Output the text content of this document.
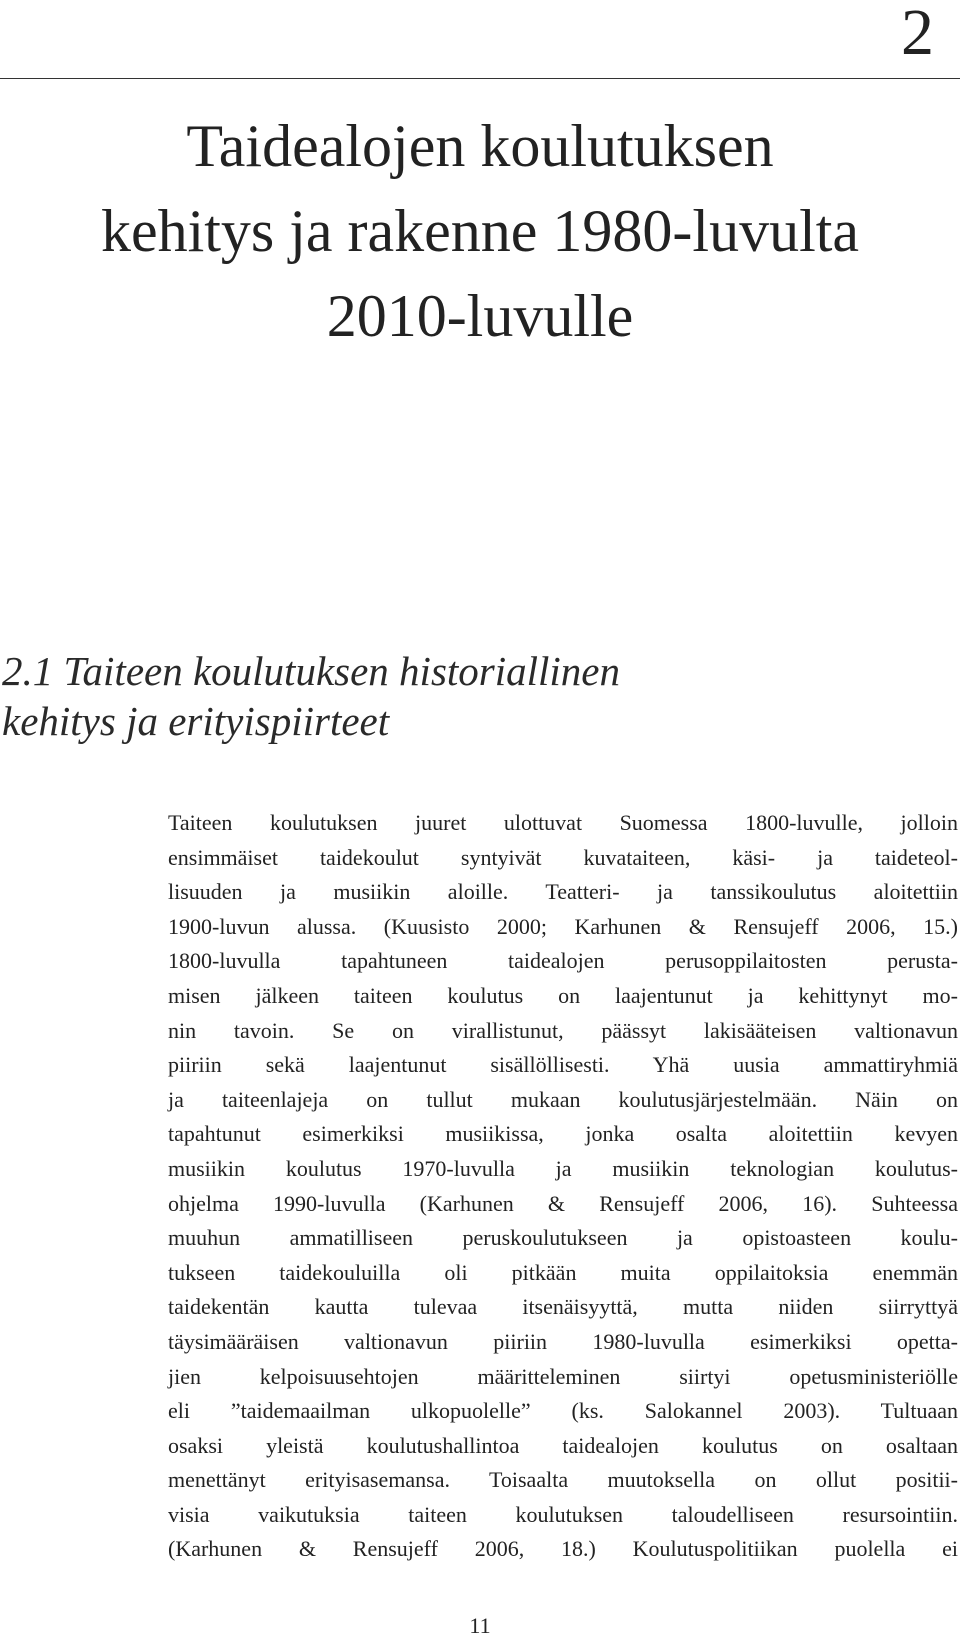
2
Taidealojen koulutuksen
kehitys ja rakenne 1980-luvulta
2010-luvulle
2.1 Taiteen koulutuksen historiallinen
kehitys ja erityispiirteet
Taiteen koulutuksen juuret ulottuvat Suomessa 1800-luvulle, jolloin
ensimmäiset taidekoulut syntyivät kuvataiteen, käsi- ja taideteol-
lisuuden ja musiikin aloille. Teatteri- ja tanssikoulutus aloitettiin
1900-luvun alussa. (Kuusisto 2000; Karhunen & Rensujeff 2006, 15.)
1800-luvulla tapahtuneen taidealojen perusoppilaitosten perusta-
misen jälkeen taiteen koulutus on laajentunut ja kehittynyt mo-
nin tavoin. Se on virallistunut, päässyt lakisääteisen valtionavun
piiriin sekä laajentunut sisällöllisesti. Yhä uusia ammattiryhmiä
ja taiteenlajeja on tullut mukaan koulutusjärjestelmään. Näin on
tapahtunut esimerkiksi musiikissa, jonka osalta aloitettiin kevyen
musiikin koulutus 1970-luvulla ja musiikin teknologian koulutus-
ohjelma 1990-luvulla (Karhunen & Rensujeff 2006, 16). Suhteessa
muuhun ammatilliseen peruskoulutukseen ja opistoasteen koulu-
tukseen taidekouluilla oli pitkään muita oppilaitoksia enemmän
taidekentän kautta tulevaa itsenäisyyttä, mutta niiden siirryttyä
täysimääräisen valtionavun piiriin 1980-luvulla esimerkiksi opetta-
jien kelpoisuusehtojen määritteleminen siirtyi opetusministeriölle
eli ”taidemaailman ulkopuolelle” (ks. Salokannel 2003). Tultuaan
osaksi yleistä koulutushallintoa taidealojen koulutus on osaltaan
menettänyt erityisasemansa. Toisaalta muutoksella on ollut positii-
visia vaikutuksia taiteen koulutuksen taloudelliseen resursointiin.
(Karhunen & Rensujeff 2006, 18.) Koulutuspolitiikan puolella ei
11
